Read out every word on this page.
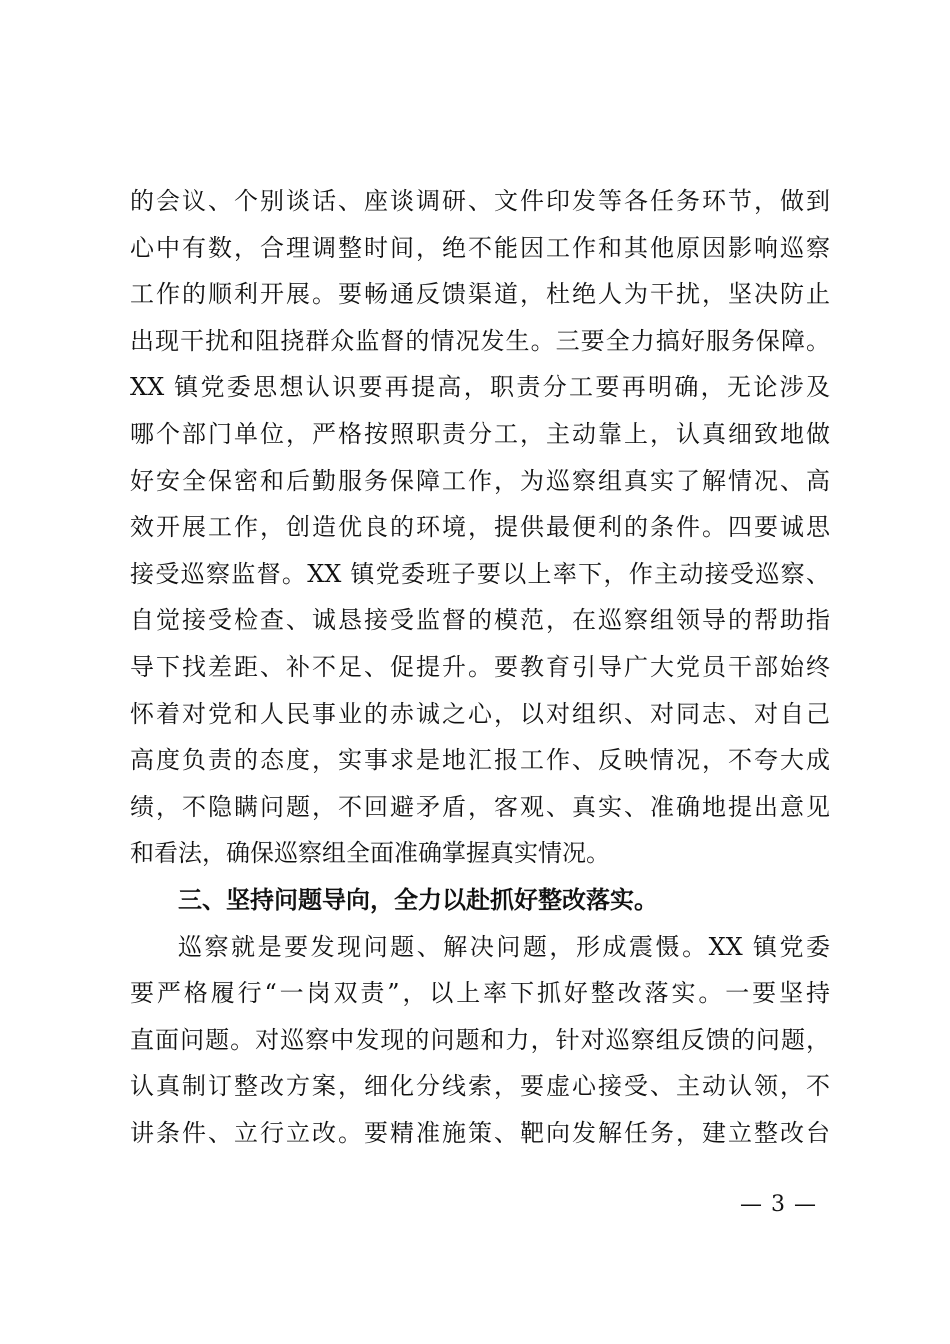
的会议、个别谈话、座谈调研、文件印发等各任务环节，做到
心中有数，合理调整时间，绝不能因工作和其他原因影响巡察
工作的顺利开展。要畅通反馈渠道，杜绝人为干扰，坚决防止
出现干扰和阻挠群众监督的情况发生。三要全力搞好服务保障。
XX 镇党委思想认识要再提高，职责分工要再明确，无论涉及
哪个部门单位，严格按照职责分工，主动靠上，认真细致地做
好安全保密和后勤服务保障工作，为巡察组真实了解情况、高
效开展工作，创造优良的环境，提供最便利的条件。四要诚思
接受巡察监督。XX 镇党委班子要以上率下，作主动接受巡察、
自觉接受检查、诚恳接受监督的模范，在巡察组领导的帮助指
导下找差距、补不足、促提升。要教育引导广大党员干部始终
怀着对党和人民事业的赤诚之心，以对组织、对同志、对自己
高度负责的态度，实事求是地汇报工作、反映情况，不夸大成
绩，不隐瞒问题，不回避矛盾，客观、真实、准确地提出意见
和看法，确保巡察组全面准确掌握真实情况。
三、坚持问题导向，全力以赴抓好整改落实。
巡察就是要发现问题、解决问题，形成震慑。XX 镇党委
要严格履行“一岗双责”，以上率下抓好整改落实。一要坚持
直面问题。对巡察中发现的问题和力，针对巡察组反馈的问题，
认真制订整改方案，细化分线索，要虚心接受、主动认领，不
讲条件、立行立改。要精准施策、靶向发解任务，建立整改台
— 3 —
